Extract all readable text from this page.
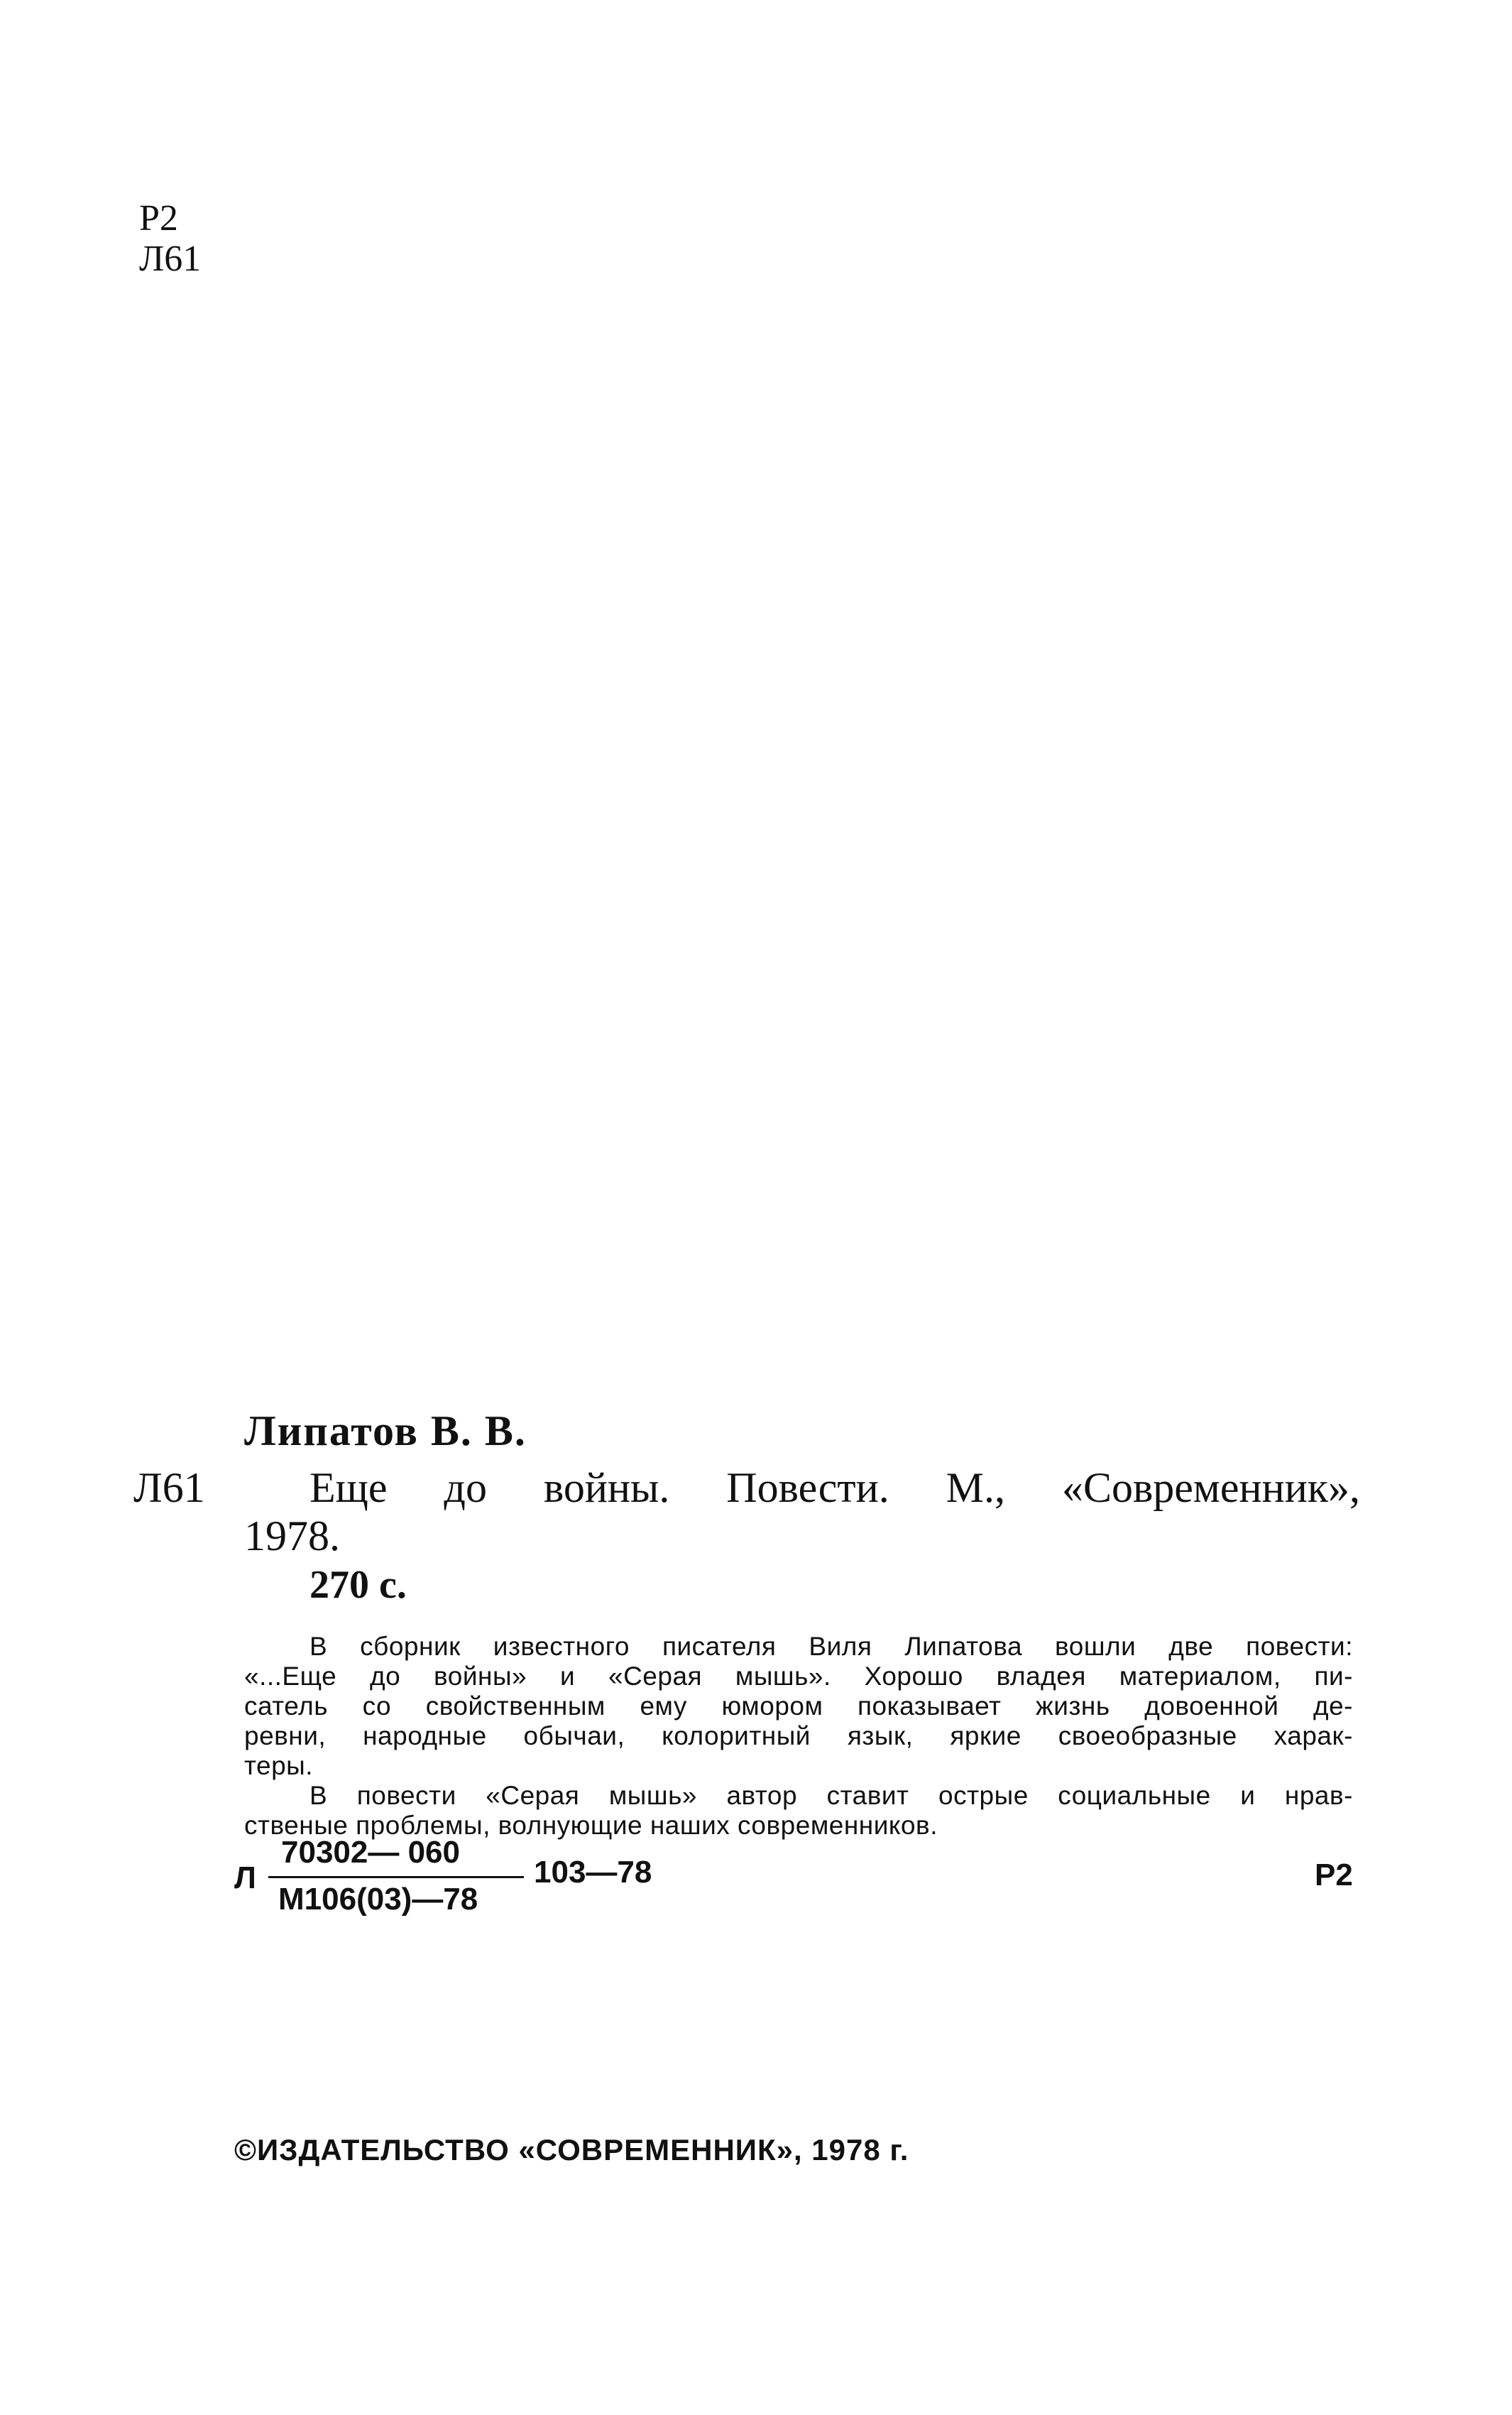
Р2
Л61
Липатов В. В.
Л61 Еще до войны. Повести. М., «Современник»,
1978.
270 с.
В сборник известного писателя Виля Липатова вошли две повести:
«...Еще до войны» и «Серая мышь». Хорошо владея материалом, пи-
сатель со свойственным ему юмором показывает жизнь довоенной де-
ревни, народные обычаи, колоритный язык, яркие своеобразные харак-
теры.
В повести «Серая мышь» автор ставит острые социальные и нрав-
ственые проблемы, волнующие наших современников.
Л
70302— 060
М106(03)—78
103—78	Р2
©ИЗДАТЕЛЬСТВО «СОВРЕМЕННИК», 1978 г.
